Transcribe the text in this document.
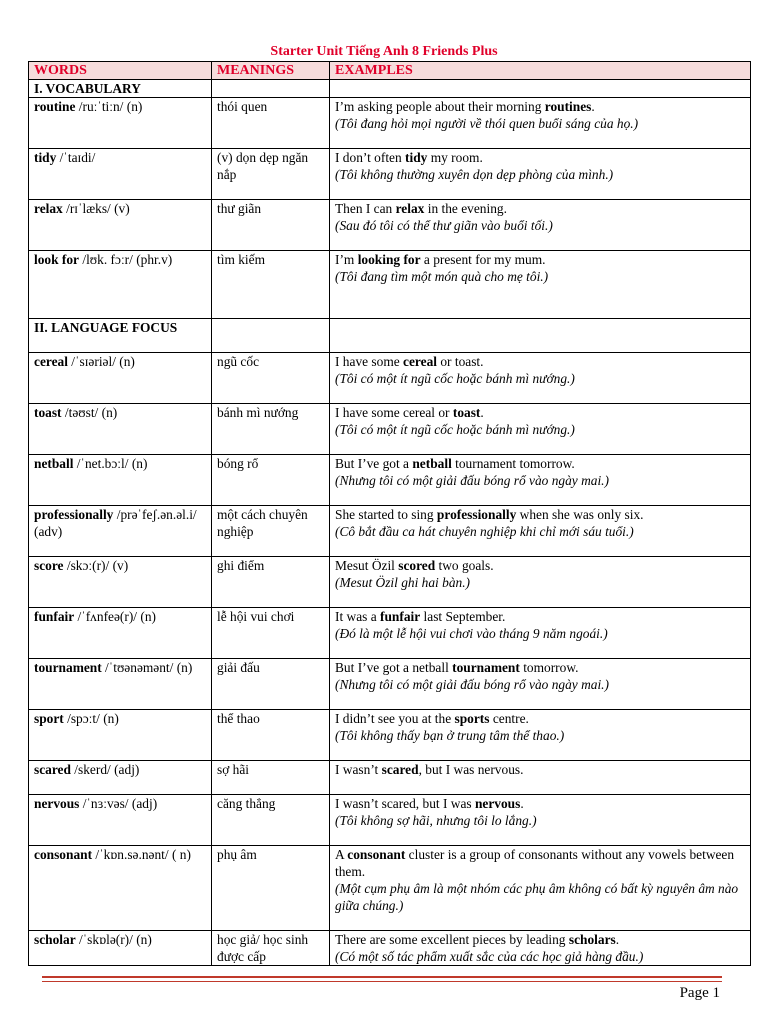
Starter Unit Tiếng Anh 8 Friends Plus
WORDS	MEANINGS	EXAMPLES
I. VOCABULARY		
routine /ruːˈtiːn/ (n)	thói quen	I’m asking people about their morning routines.
(Tôi đang hỏi mọi người về thói quen buổi sáng của họ.)

tidy /ˈtaɪdi/	(v) dọn dẹp ngăn nắp	I don’t often tidy my room.
(Tôi không thường xuyên dọn dẹp phòng của mình.)

relax /rɪˈlæks/ (v)	thư giãn	Then I can relax in the evening.
(Sau đó tôi có thể thư giãn vào buổi tối.)

look for /lʊk. fɔːr/ (phr.v)	tìm kiếm	I’m looking for a present for my mum.
(Tôi đang tìm một món quà cho mẹ tôi.)

II. LANGUAGE FOCUS		
cereal /ˈsɪəriəl/ (n)	ngũ cốc	I have some cereal or toast.
(Tôi có một ít ngũ cốc hoặc bánh mì nướng.)

toast /təʊst/ (n)	bánh mì nướng	I have some cereal or toast.
(Tôi có một ít ngũ cốc hoặc bánh mì nướng.)

netball /ˈnet.bɔːl/ (n)	bóng rổ	But I’ve got a netball tournament tomorrow.
(Nhưng tôi có một giải đấu bóng rổ vào ngày mai.)

professionally /prəˈfeʃ.ən.əl.i/ (adv)	một cách chuyên nghiệp	She started to sing professionally when she was only six.
(Cô bắt đầu ca hát chuyên nghiệp khi chỉ mới sáu tuổi.)

score /skɔː(r)/ (v)	ghi điểm	Mesut Özil scored two goals.
(Mesut Özil ghi hai bàn.)

funfair /ˈfʌnfeə(r)/ (n)	lễ hội vui chơi	It was a funfair last September.
(Đó là một lễ hội vui chơi vào tháng 9 năm ngoái.)

tournament /ˈtʊənəmənt/ (n)	giải đấu	But I’ve got a netball tournament tomorrow.
(Nhưng tôi có một giải đấu bóng rổ vào ngày mai.)

sport /spɔːt/ (n)	thể thao	I didn’t see you at the sports centre.
(Tôi không thấy bạn ở trung tâm thể thao.)

scared /skerd/ (adj)	sợ hãi	I wasn’t scared, but I was nervous.

nervous /ˈnɜːvəs/ (adj)	căng thẳng	I wasn’t scared, but I was nervous.
(Tôi không sợ hãi, nhưng tôi lo lắng.)

consonant /ˈkɒn.sə.nənt/ ( n)	phụ âm	A consonant cluster is a group of consonants without any vowels between them.
(Một cụm phụ âm là một nhóm các phụ âm không có bất kỳ nguyên âm nào giữa chúng.)

scholar /ˈskɒlə(r)/ (n)	học giả/ học sinh được cấp	There are some excellent pieces by leading scholars.
(Có một số tác phẩm xuất sắc của các học giả hàng đầu.)
Page 1
